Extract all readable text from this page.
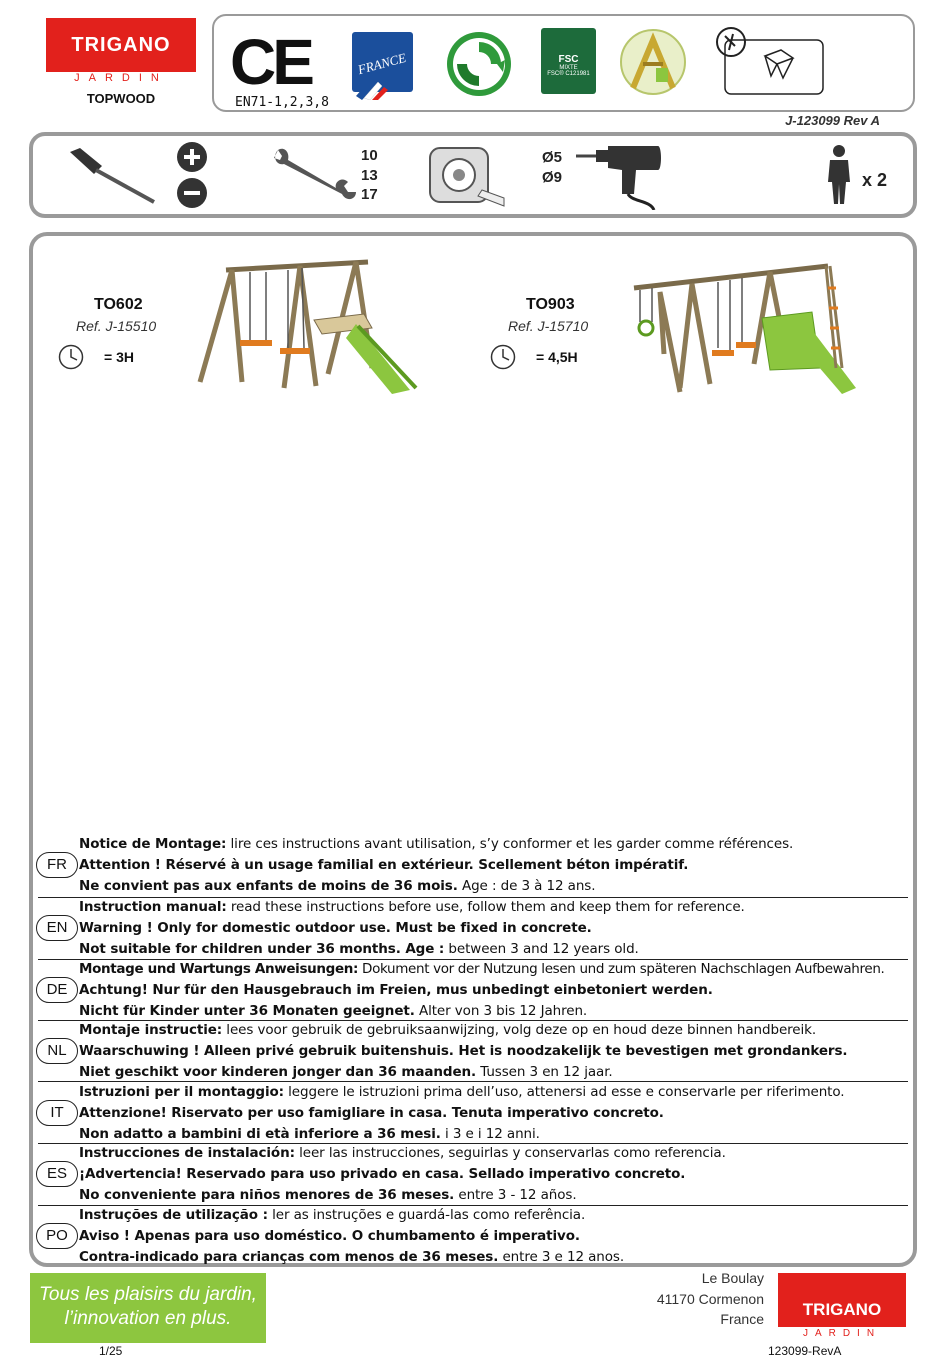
TRIGANO
JARDIN
TOPWOOD
CE
EN71-1,2,3,8
FRANCE	FSC
MIXTE
FSC® C121981
J-123099 Rev A
10
13
17
Ø5
Ø9	x 2
TO602
Ref. J-15510
= 3H
TO903
Ref. J-15710
= 4,5H
FR
Notice de Montage: lire ces instructions avant utilisation, s’y conformer et les garder comme références.
Attention ! Réservé à un usage familial en extérieur. Scellement béton impératif.
Ne convient pas aux enfants de moins de 36 mois. Age : de 3 à 12 ans.
EN
Instruction manual: read these instructions before use, follow them and keep them for reference.
Warning ! Only for domestic outdoor use. Must be fixed in concrete.
Not suitable for children under 36 months. Age : between 3 and 12 years old.
DE
Montage und Wartungs Anweisungen: Dokument vor der Nutzung lesen und zum späteren Nachschlagen Aufbewahren.
Achtung! Nur für den Hausgebrauch im Freien, mus unbedingt einbetoniert werden.
Nicht für Kinder unter 36 Monaten geeignet. Alter von 3 bis 12 Jahren.
NL
Montaje instructie: lees voor gebruik de gebruiksaanwijzing, volg deze op en houd deze binnen handbereik.
Waarschuwing ! Alleen privé gebruik buitenshuis. Het is noodzakelijk te bevestigen met grondankers.
Niet geschikt voor kinderen jonger dan 36 maanden. Tussen 3 en 12 jaar.
IT
Istruzioni per il montaggio: leggere le istruzioni prima dell’uso, attenersi ad esse e conservarle per riferimento.
Attenzione! Riservato per uso famigliare in casa. Tenuta imperativo concreto.
Non adatto a bambini di età inferiore a 36 mesi. i 3 e i 12 anni.
ES
Instrucciones de instalación: leer las instrucciones, seguirlas y conservarlas como referencia.
¡Advertencia! Reservado para uso privado en casa. Sellado imperativo concreto.
No conveniente para niños menores de 36 meses. entre 3 - 12 años.
PO
Instruções de utilização : ler as instruções e guardá-las como referência.
Aviso ! Apenas para uso doméstico. O chumbamento é imperativo.
Contra-indicado para crianças com menos de 36 meses. entre 3 e 12 anos.
Tous les plaisirs du jardin,
l’innovation en plus.
1/25
Le Boulay
41170 Cormenon
France TRIGANO
JARDIN
123099-RevA
